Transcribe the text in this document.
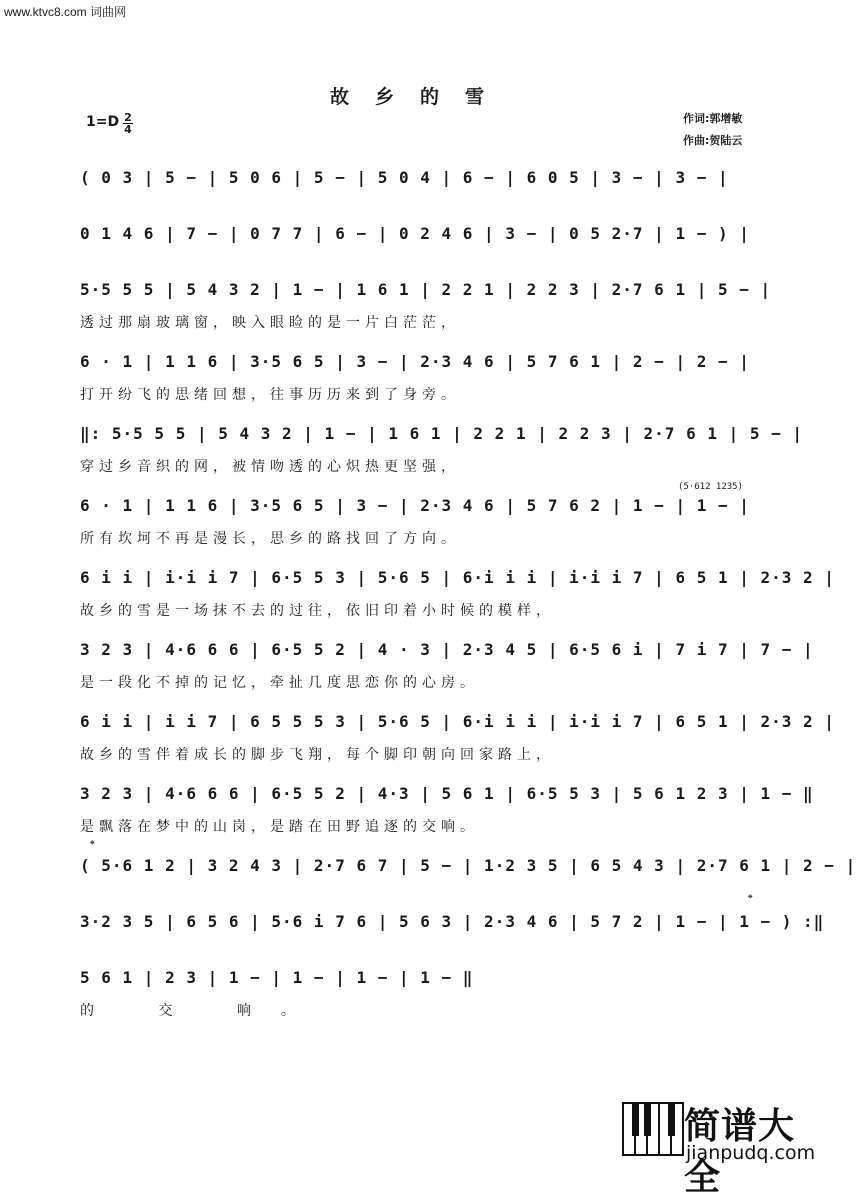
www.ktvc8.com 词曲网
故乡的雪
1=D 2
4
作词:郭增敏
作曲:贺陆云
(5·612 1235)
( 0 3 | 5 − | 5 0 6 | 5 − | 5 0 4 | 6 − | 6 0 5 | 3 − | 3 − |
0 1 4 6 | 7 − | 0 7 7 | 6 − | 0 2 4 6 | 3 − | 0 5 2·7 | 1 − ) |
5·5 5 5 | 5 4 3 2 | 1 − | 1 6 1 | 2 2 1 | 2 2 3 | 2·7 6 1 | 5 − |
透过那扇玻璃窗，映入眼睑的是一片白茫茫，
6 · 1 | 1 1 6 | 3·5 6 5 | 3 − | 2·3 4 6 | 5 7 6 1 | 2 − | 2 − |
打开纷飞的思绪回想，往事历历来到了身旁。
‖: 5·5 5 5 | 5 4 3 2 | 1 − | 1 6 1 | 2 2 1 | 2 2 3 | 2·7 6 1 | 5 − |
穿过乡音织的网，被情吻透的心炽热更坚强，
6 · 1 | 1 1 6 | 3·5 6 5 | 3 − | 2·3 4 6 | 5 7 6 2 | 1 − | 1 − |
所有坎坷不再是漫长，思乡的路找回了方向。
6 i i | i·i i 7 | 6·5 5 3 | 5·6 5 | 6·i i i | i·i i 7 | 6 5 1 | 2·3 2 |
故乡的雪是一场抹不去的过往，依旧印着小时候的模样，
3 2 3 | 4·6 6 6 | 6·5 5 2 | 4 · 3 | 2·3 4 5 | 6·5 6 i | 7 i 7 | 7 − |
是一段化不掉的记忆，牵扯几度思恋你的心房。
6 i i | i i 7 | 6 5 5 5 3 | 5·6 5 | 6·i i i | i·i i 7 | 6 5 1 | 2·3 2 |
故乡的雪伴着成长的脚步飞翔，每个脚印朝向回家路上，
3 2 3 | 4·6 6 6 | 6·5 5 2 | 4·3 | 5 6 1 | 6·5 5 3 | 5 6 1 2 3 | 1 − ‖
是飘落在梦中的山岗，是踏在田野追逐的交响。
𝄌
( 5·6 1 2 | 3 2 4 3 | 2·7 6 7 | 5 − | 1·2 3 5 | 6 5 4 3 | 2·7 6 1 | 2 − |
𝄌
3·2 3 5 | 6 5 6 | 5·6 i 7 6 | 5 6 3 | 2·3 4 6 | 5 7 2 | 1 − | 1 − ) :‖
5 6 1 | 2 3 | 1 − | 1 − | 1 − | 1 − ‖
的 交 响。
简谱大全
jianpudq.com
